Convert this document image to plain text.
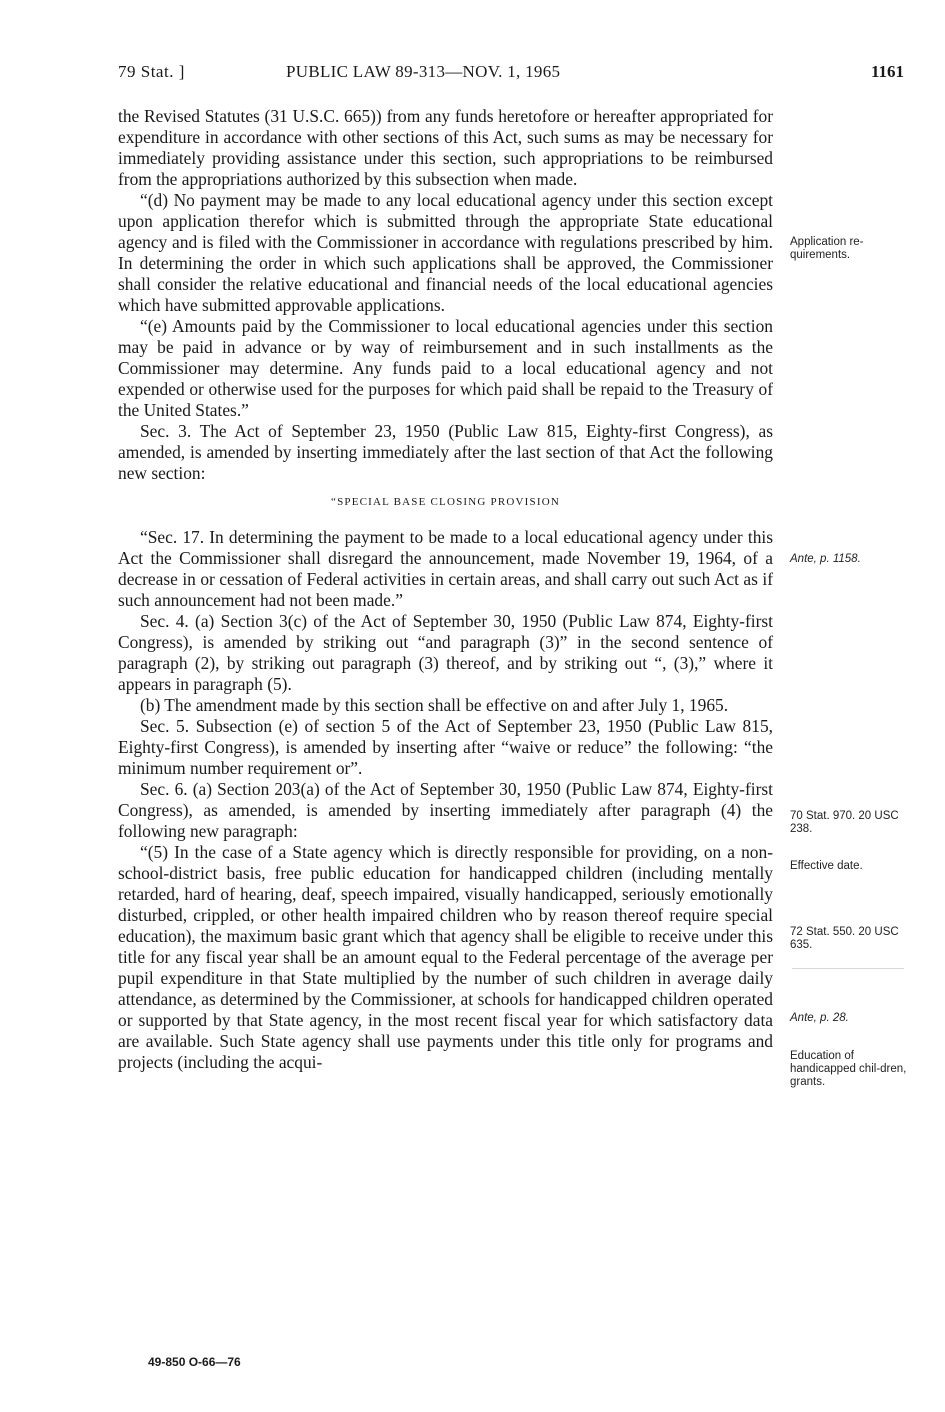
79 Stat. ]	PUBLIC LAW 89-313—NOV. 1, 1965	1161

the Revised Statutes (31 U.S.C. 665)) from any funds heretofore or hereafter appropriated for expenditure in accordance with other sections of this Act, such sums as may be necessary for immediately providing assistance under this section, such appropriations to be reimbursed from the appropriations authorized by this subsection when made.

“(d) No payment may be made to any local educational agency under this section except upon application therefor which is submitted through the appropriate State educational agency and is filed with the Commissioner in accordance with regulations prescribed by him. In determining the order in which such applications shall be approved, the Commissioner shall consider the relative educational and financial needs of the local educational agencies which have submitted approvable applications.

“(e) Amounts paid by the Commissioner to local educational agencies under this section may be paid in advance or by way of reimbursement and in such installments as the Commissioner may determine. Any funds paid to a local educational agency and not expended or otherwise used for the purposes for which paid shall be repaid to the Treasury of the United States.”

Sec. 3. The Act of September 23, 1950 (Public Law 815, Eighty-first Congress), as amended, is amended by inserting immediately after the last section of that Act the following new section:

“SPECIAL BASE CLOSING PROVISION

“Sec. 17. In determining the payment to be made to a local educational agency under this Act the Commissioner shall disregard the announcement, made November 19, 1964, of a decrease in or cessation of Federal activities in certain areas, and shall carry out such Act as if such announcement had not been made.”

Sec. 4. (a) Section 3(c) of the Act of September 30, 1950 (Public Law 874, Eighty-first Congress), is amended by striking out “and paragraph (3)” in the second sentence of paragraph (2), by striking out paragraph (3) thereof, and by striking out “, (3),” where it appears in paragraph (5).

(b) The amendment made by this section shall be effective on and after July 1, 1965.

Sec. 5. Subsection (e) of section 5 of the Act of September 23, 1950 (Public Law 815, Eighty-first Congress), is amended by inserting after “waive or reduce” the following: “the minimum number requirement or”.

Sec. 6. (a) Section 203(a) of the Act of September 30, 1950 (Public Law 874, Eighty-first Congress), as amended, is amended by inserting immediately after paragraph (4) the following new paragraph:

“(5) In the case of a State agency which is directly responsible for providing, on a non-school-district basis, free public education for handicapped children (including mentally retarded, hard of hearing, deaf, speech impaired, visually handicapped, seriously emotionally disturbed, crippled, or other health impaired children who by reason thereof require special education), the maximum basic grant which that agency shall be eligible to receive under this title for any fiscal year shall be an amount equal to the Federal percentage of the average per pupil expenditure in that State multiplied by the number of such children in average daily attendance, as determined by the Commissioner, at schools for handicapped children operated or supported by that State agency, in the most recent fiscal year for which satisfactory data are available. Such State agency shall use payments under this title only for programs and projects (including the acqui-

Application re-quirements.
Ante, p. 1158.
70 Stat. 970. 20 USC 238.
Effective date.
72 Stat. 550. 20 USC 635.
Ante, p. 28.
Education of handicapped chil-dren, grants.
49-850 O-66—76
